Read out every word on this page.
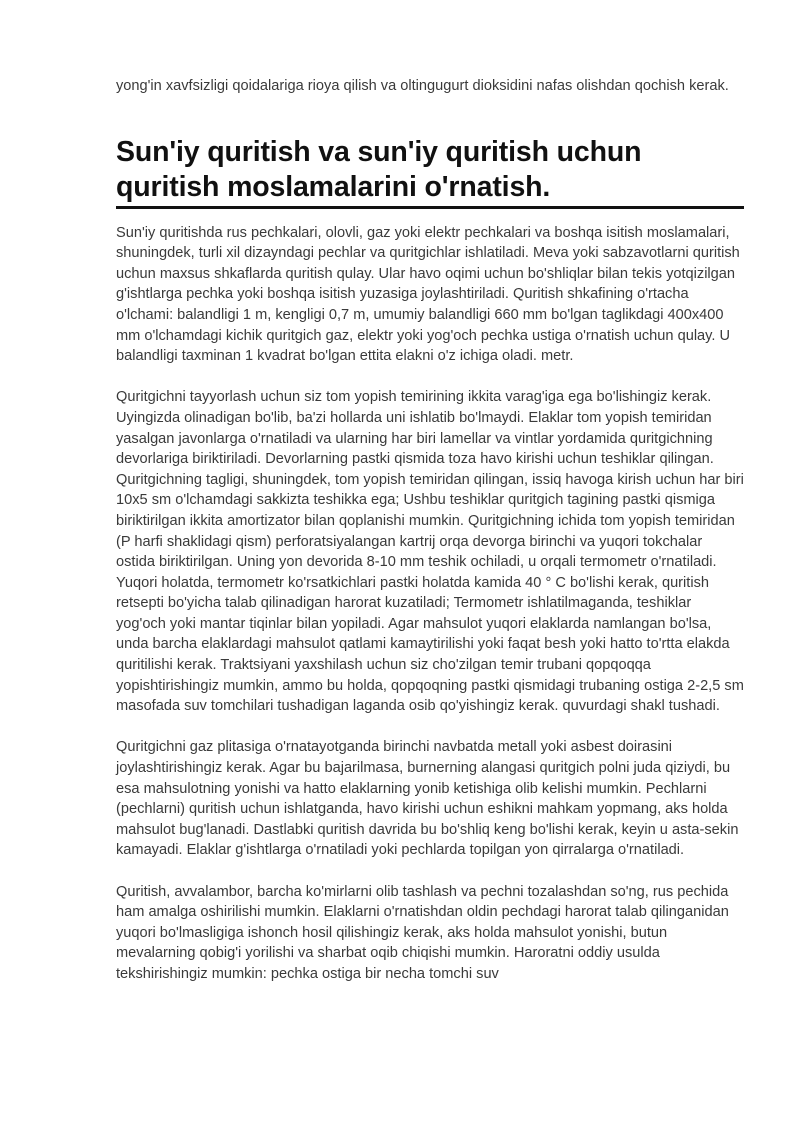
yong'in xavfsizligi qoidalariga rioya qilish va oltingugurt dioksidini nafas olishdan qochish kerak.

Sun'iy quritish va sun'iy quritish uchun quritish moslamalarini o'rnatish.

Sun'iy quritishda rus pechkalari, olovli, gaz yoki elektr pechkalari va boshqa isitish moslamalari, shuningdek, turli xil dizayndagi pechlar va quritgichlar ishlatiladi. Meva yoki sabzavotlarni quritish uchun maxsus shkaflarda quritish qulay. Ular havo oqimi uchun bo'shliqlar bilan tekis yotqizilgan g'ishtlarga pechka yoki boshqa isitish yuzasiga joylashtiriladi. Quritish shkafining o'rtacha o'lchami: balandligi 1 m, kengligi 0,7 m, umumiy balandligi 660 mm bo'lgan taglikdagi 400x400 mm o'lchamdagi kichik quritgich gaz, elektr yoki yog'och pechka ustiga o'rnatish uchun qulay. U balandligi taxminan 1 kvadrat bo'lgan ettita elakni o'z ichiga oladi. metr.

Quritgichni tayyorlash uchun siz tom yopish temirining ikkita varag'iga ega bo'lishingiz kerak. Uyingizda olinadigan bo'lib, ba'zi hollarda uni ishlatib bo'lmaydi. Elaklar tom yopish temiridan yasalgan javonlarga o'rnatiladi va ularning har biri lamellar va vintlar yordamida quritgichning devorlariga biriktiriladi. Devorlarning pastki qismida toza havo kirishi uchun teshiklar qilingan. Quritgichning tagligi, shuningdek, tom yopish temiridan qilingan, issiq havoga kirish uchun har biri 10x5 sm o'lchamdagi sakkizta teshikka ega; Ushbu teshiklar quritgich tagining pastki qismiga biriktirilgan ikkita amortizator bilan qoplanishi mumkin. Quritgichning ichida tom yopish temiridan (P harfi shaklidagi qism) perforatsiyalangan kartrij orqa devorga birinchi va yuqori tokchalar ostida biriktirilgan. Uning yon devorida 8-10 mm teshik ochiladi, u orqali termometr o'rnatiladi. Yuqori holatda, termometr ko'rsatkichlari pastki holatda kamida 40 ° C bo'lishi kerak, quritish retsepti bo'yicha talab qilinadigan harorat kuzatiladi; Termometr ishlatilmaganda, teshiklar yog'och yoki mantar tiqinlar bilan yopiladi. Agar mahsulot yuqori elaklarda namlangan bo'lsa, unda barcha elaklardagi mahsulot qatlami kamaytirilishi yoki faqat besh yoki hatto to'rtta elakda quritilishi kerak. Traktsiyani yaxshilash uchun siz cho'zilgan temir trubani qopqoqqa yopishtirishingiz mumkin, ammo bu holda, qopqoqning pastki qismidagi trubaning ostiga 2-2,5 sm masofada suv tomchilari tushadigan laganda osib qo'yishingiz kerak. quvurdagi shakl tushadi.

Quritgichni gaz plitasiga o'rnatayotganda birinchi navbatda metall yoki asbest doirasini joylashtirishingiz kerak. Agar bu bajarilmasa, burnerning alangasi quritgich polni juda qiziydi, bu esa mahsulotning yonishi va hatto elaklarning yonib ketishiga olib kelishi mumkin. Pechlarni (pechlarni) quritish uchun ishlatganda, havo kirishi uchun eshikni mahkam yopmang, aks holda mahsulot bug'lanadi. Dastlabki quritish davrida bu bo'shliq keng bo'lishi kerak, keyin u asta-sekin kamayadi. Elaklar g'ishtlarga o'rnatiladi yoki pechlarda topilgan yon qirralarga o'rnatiladi.

Quritish, avvalambor, barcha ko'mirlarni olib tashlash va pechni tozalashdan so'ng, rus pechida ham amalga oshirilishi mumkin. Elaklarni o'rnatishdan oldin pechdagi harorat talab qilinganidan yuqori bo'lmasligiga ishonch hosil qilishingiz kerak, aks holda mahsulot yonishi, butun mevalarning qobig'i yorilishi va sharbat oqib chiqishi mumkin. Haroratni oddiy usulda tekshirishingiz mumkin: pechka ostiga bir necha tomchi suv
